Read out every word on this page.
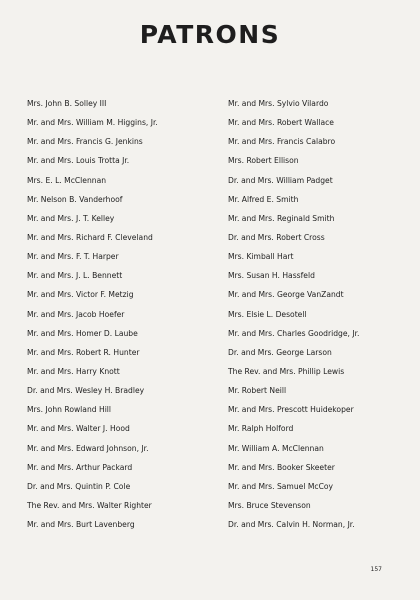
PATRONS
Mrs. John B. Solley III
Mr. and Mrs. William M. Higgins, Jr.
Mr. and Mrs. Francis G. Jenkins
Mr. and Mrs. Louis Trotta Jr.
Mrs. E. L. McClennan
Mr. Nelson B. Vanderhoof
Mr. and Mrs. J. T. Kelley
Mr. and Mrs. Richard F. Cleveland
Mr. and Mrs. F. T. Harper
Mr. and Mrs. J. L. Bennett
Mr. and Mrs. Victor F. Metzig
Mr. and Mrs. Jacob Hoefer
Mr. and Mrs. Homer D. Laube
Mr. and Mrs. Robert R. Hunter
Mr. and Mrs. Harry Knott
Dr. and Mrs. Wesley H. Bradley
Mrs. John Rowland Hill
Mr. and Mrs. Walter J. Hood
Mr. and Mrs. Edward Johnson, Jr.
Mr. and Mrs. Arthur Packard
Dr. and Mrs. Quintin P. Cole
The Rev. and Mrs. Walter Righter
Mr. and Mrs. Burt Lavenberg
Mr. and Mrs. Sylvio Vilardo
Mr. and Mrs. Robert Wallace
Mr. and Mrs. Francis Calabro
Mrs. Robert Ellison
Dr. and Mrs. William Padget
Mr. Alfred E. Smith
Mr. and Mrs. Reginald Smith
Dr. and Mrs. Robert Cross
Mrs. Kimball Hart
Mrs. Susan H. Hassfeld
Mr. and Mrs. George VanZandt
Mrs. Elsie L. Desotell
Mr. and Mrs. Charles Goodridge, Jr.
Dr. and Mrs. George Larson
The Rev. and Mrs. Phillip Lewis
Mr. Robert Neill
Mr. and Mrs. Prescott Huidekoper
Mr. Ralph Holford
Mr. William A. McClennan
Mr. and Mrs. Booker Skeeter
Mr. and Mrs. Samuel McCoy
Mrs. Bruce Stevenson
Dr. and Mrs. Calvin H. Norman, Jr.
157
